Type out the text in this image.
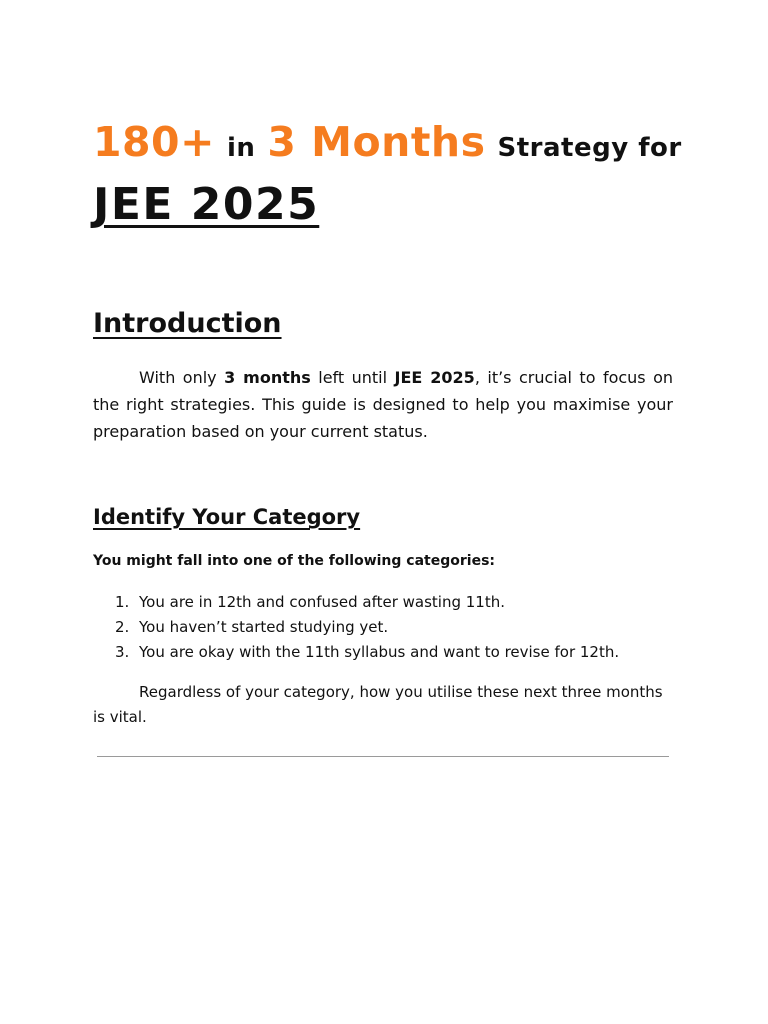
180+ in 3 Months Strategy for
JEE 2025
Introduction

With only 3 months left until JEE 2025, it’s crucial to focus on the right strategies. This guide is designed to help you maximise your preparation based on your current status.

Identify Your Category
You might fall into one of the following categories:
1. You are in 12th and confused after wasting 11th.
2. You haven’t started studying yet.
3. You are okay with the 11th syllabus and want to revise for 12th.

Regardless of your category, how you utilise these next three months is vital.
